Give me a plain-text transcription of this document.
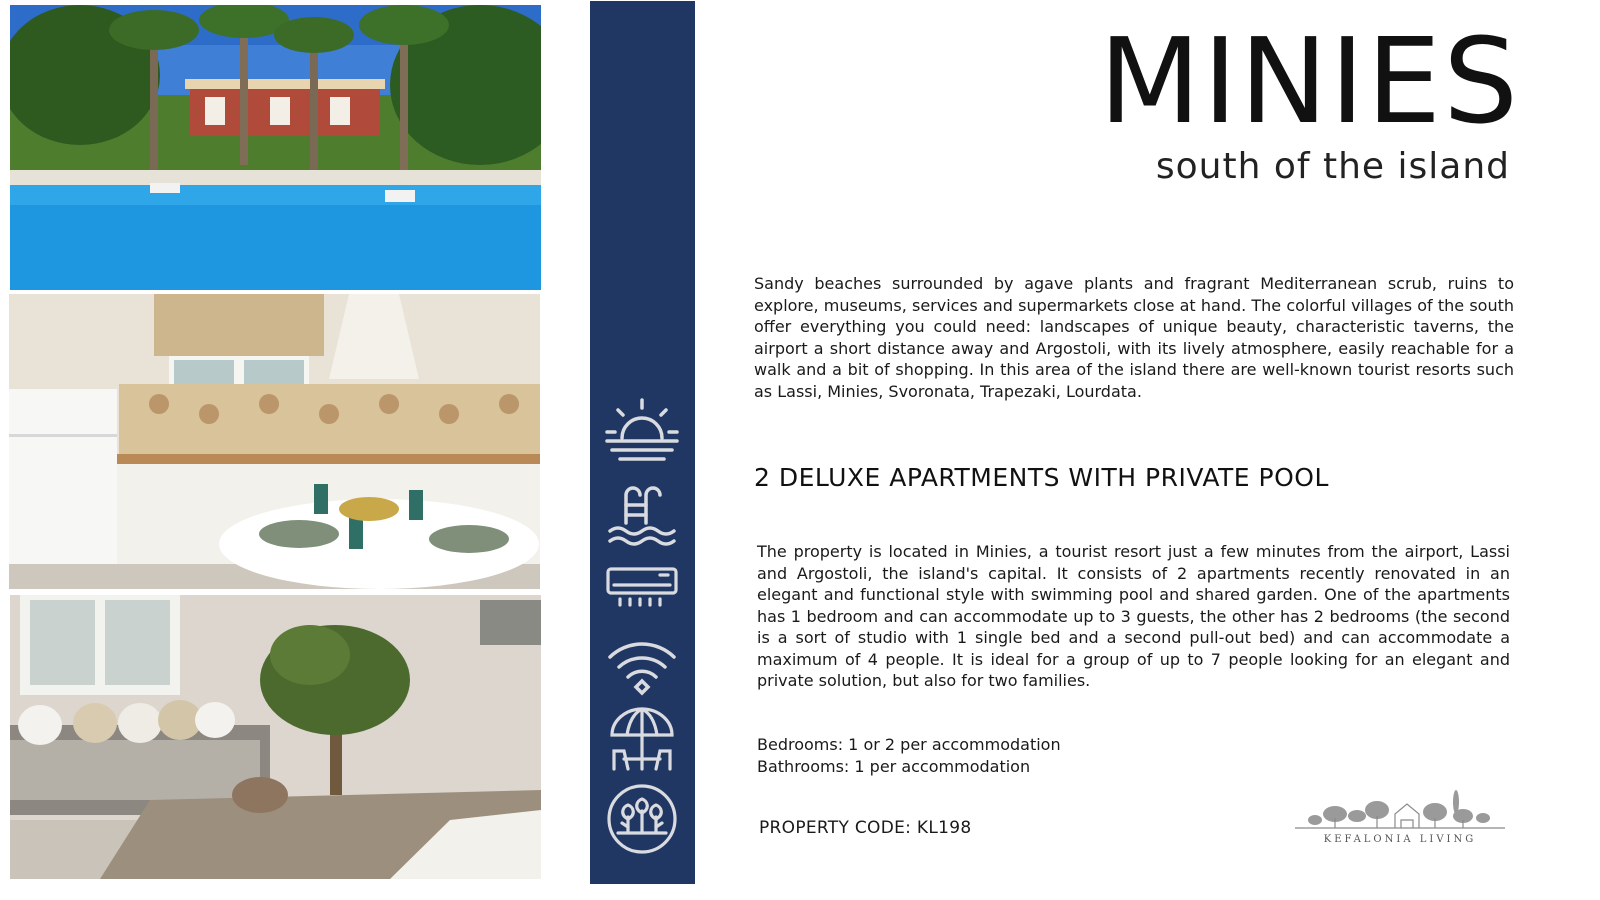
MINIES
south of the island

Sandy beaches surrounded by agave plants and fragrant Mediterranean scrub, ruins to explore, museums, services and supermarkets close at hand. The colorful villages of the south offer everything you could need: landscapes of unique beauty, characteristic taverns, the airport a short distance away and Argostoli, with its lively atmosphere, easily reachable for a walk and a bit of shopping. In this area of the island there are well-known tourist resorts such as Lassi, Minies, Svoronata, Trapezaki, Lourdata.

2 DELUXE APARTMENTS WITH PRIVATE POOL

The property is located in Minies, a tourist resort just a few minutes from the airport, Lassi and Argostoli, the island's capital. It consists of 2 apartments recently renovated in an elegant and functional style with swimming pool and shared garden. One of the apartments has 1 bedroom and can accommodate up to 3 guests, the other has 2 bedrooms (the second is a sort of studio with 1 single bed and a second pull-out bed) and can accommodate a maximum of 4 people. It is ideal for a group of up to 7 people looking for an elegant and private solution, but also for two families.

Bedrooms: 1 or 2 per accommodation
Bathrooms: 1 per accommodation
PROPERTY CODE: KL198
KEFALONIA LIVING
